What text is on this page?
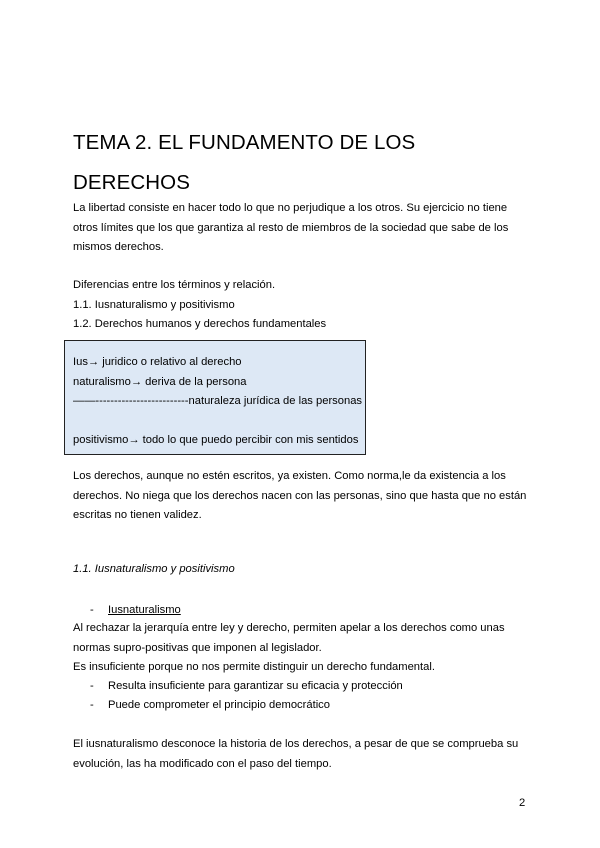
TEMA 2. EL FUNDAMENTO DE LOS
DERECHOS

La libertad consiste en hacer todo lo que no perjudique a los otros. Su ejercicio no tiene
otros límites que los que garantiza al resto de miembros de la sociedad que sabe de los
mismos derechos.

Diferencias entre los términos y relación.
1.1. Iusnaturalismo y positivismo
1.2. Derechos humanos y derechos fundamentales

Ius→ juridico o relativo al derecho
naturalismo→ deriva de la persona
——-------------------------naturaleza jurídica de las personas

positivismo→ todo lo que puedo percibir con mis sentidos

Los derechos, aunque no estén escritos, ya existen. Como norma,le da existencia a los
derechos. No niega que los derechos nacen con las personas, sino que hasta que no están
escritas no tienen validez.

1.1. Iusnaturalismo y positivismo

- Iusnaturalismo

Al rechazar la jerarquía entre ley y derecho, permiten apelar a los derechos como unas
normas supro-positivas que imponen al legislador.
Es insuficiente porque no nos permite distinguir un derecho fundamental.

- Resulta insuficiente para garantizar su eficacia y protección
- Puede comprometer el principio democrático

El iusnaturalismo desconoce la historia de los derechos, a pesar de que se comprueba su
evolución, las ha modificado con el paso del tiempo.

2
